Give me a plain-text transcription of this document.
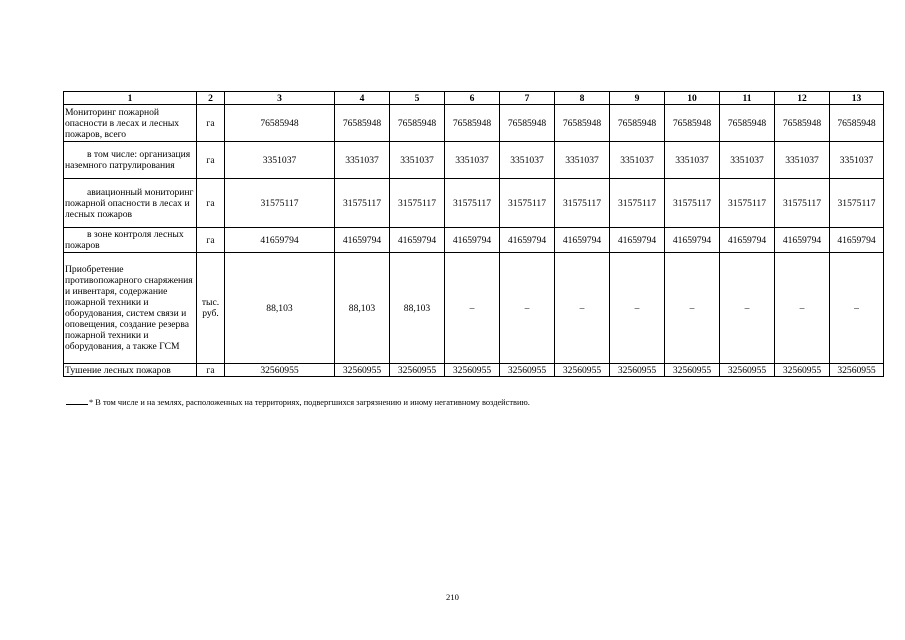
1	2	3	4	5	6	7	8	9	10	11	12	13
Мониторинг пожарной опасности в лесах и лесных пожаров, всего	га	76585948	76585948	76585948	76585948	76585948	76585948	76585948	76585948	76585948	76585948	76585948
в том числе: организация наземного патрулирования	га	3351037	3351037	3351037	3351037	3351037	3351037	3351037	3351037	3351037	3351037	3351037
авиационный мониторинг пожарной опасности в лесах и лесных пожаров	га	31575117	31575117	31575117	31575117	31575117	31575117	31575117	31575117	31575117	31575117	31575117
в зоне контроля лесных пожаров	га	41659794	41659794	41659794	41659794	41659794	41659794	41659794	41659794	41659794	41659794	41659794
Приобретение противопожарного снаряжения и инвентаря, содержание пожарной техники и оборудования, систем связи и оповещения, создание резерва пожарной техники и оборудования, а также ГСМ	тыс. руб.	88,103	88,103	88,103	–	–	–	–	–	–	–	–
Тушение лесных пожаров	га	32560955	32560955	32560955	32560955	32560955	32560955	32560955	32560955	32560955	32560955	32560955
* В том числе и на землях, расположенных на территориях, подвергшихся загрязнению и иному негативному воздействию.
210
